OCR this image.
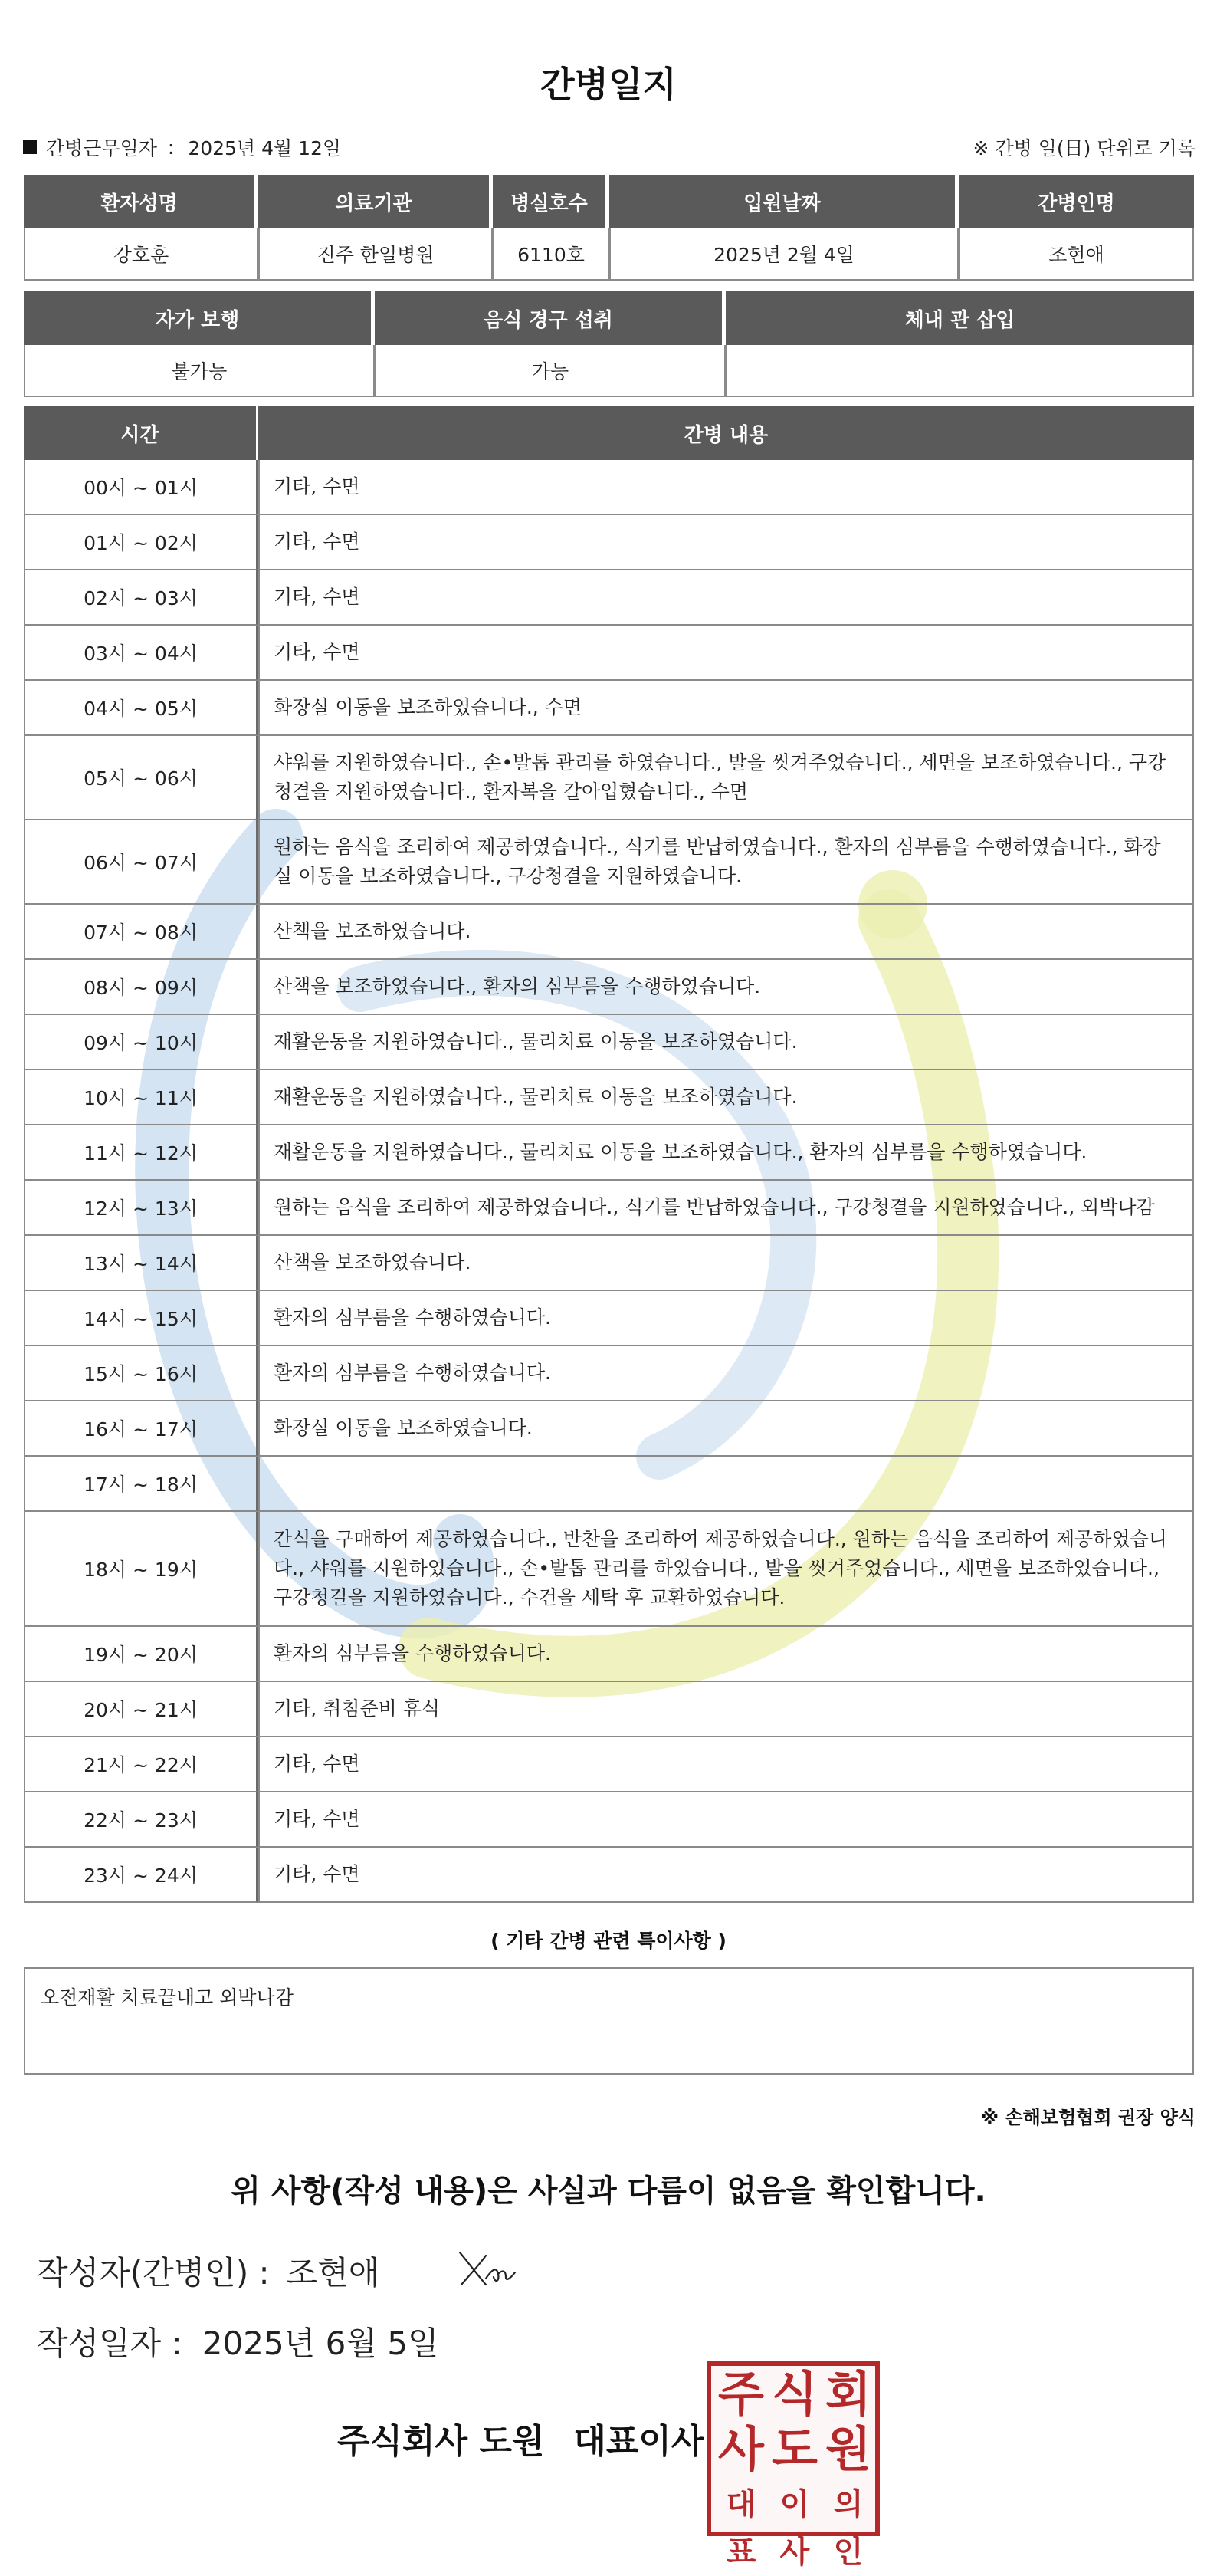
간병일지
간병근무일자 : 2025년 4월 12일	※ 간병 일(日) 단위로 기록
환자성명	의료기관	병실호수	입원날짜	간병인명
강호훈	진주 한일병원	6110호	2025년 2월 4일	조현애
자가 보행	음식 경구 섭취	체내 관 삽입
불가능	가능	
시간	간병 내용
00시 ~ 01시	기타, 수면
01시 ~ 02시	기타, 수면
02시 ~ 03시	기타, 수면
03시 ~ 04시	기타, 수면
04시 ~ 05시	화장실 이동을 보조하였습니다., 수면
05시 ~ 06시	샤워를 지원하였습니다., 손•발톱 관리를 하였습니다., 발을 씻겨주었습니다., 세면을 보조하였습니다., 구강청결을 지원하였습니다., 환자복을 갈아입혔습니다., 수면
06시 ~ 07시	원하는 음식을 조리하여 제공하였습니다., 식기를 반납하였습니다., 환자의 심부름을 수행하였습니다., 화장실 이동을 보조하였습니다., 구강청결을 지원하였습니다.
07시 ~ 08시	산책을 보조하였습니다.
08시 ~ 09시	산책을 보조하였습니다., 환자의 심부름을 수행하였습니다.
09시 ~ 10시	재활운동을 지원하였습니다., 물리치료 이동을 보조하였습니다.
10시 ~ 11시	재활운동을 지원하였습니다., 물리치료 이동을 보조하였습니다.
11시 ~ 12시	재활운동을 지원하였습니다., 물리치료 이동을 보조하였습니다., 환자의 심부름을 수행하였습니다.
12시 ~ 13시	원하는 음식을 조리하여 제공하였습니다., 식기를 반납하였습니다., 구강청결을 지원하였습니다., 외박나감
13시 ~ 14시	산책을 보조하였습니다.
14시 ~ 15시	환자의 심부름을 수행하였습니다.
15시 ~ 16시	환자의 심부름을 수행하였습니다.
16시 ~ 17시	화장실 이동을 보조하였습니다.
17시 ~ 18시	
18시 ~ 19시	간식을 구매하여 제공하였습니다., 반찬을 조리하여 제공하였습니다., 원하는 음식을 조리하여 제공하였습니다., 샤워를 지원하였습니다., 손•발톱 관리를 하였습니다., 발을 씻겨주었습니다., 세면을 보조하였습니다., 구강청결을 지원하였습니다., 수건을 세탁 후 교환하였습니다.
19시 ~ 20시	환자의 심부름을 수행하였습니다.
20시 ~ 21시	기타, 취침준비 휴식
21시 ~ 22시	기타, 수면
22시 ~ 23시	기타, 수면
23시 ~ 24시	기타, 수면
( 기타 간병 관련 특이사항 )
오전재활 치료끝내고 외박나감
※ 손해보험협회 권장 양식
위 사항(작성 내용)은 사실과 다름이 없음을 확인합니다.
작성자(간병인) : 조현애
작성일자 : 2025년 6월 5일
주식회사 도원 대표이사
주 식 회
사 도 원
대표
이사
의인
